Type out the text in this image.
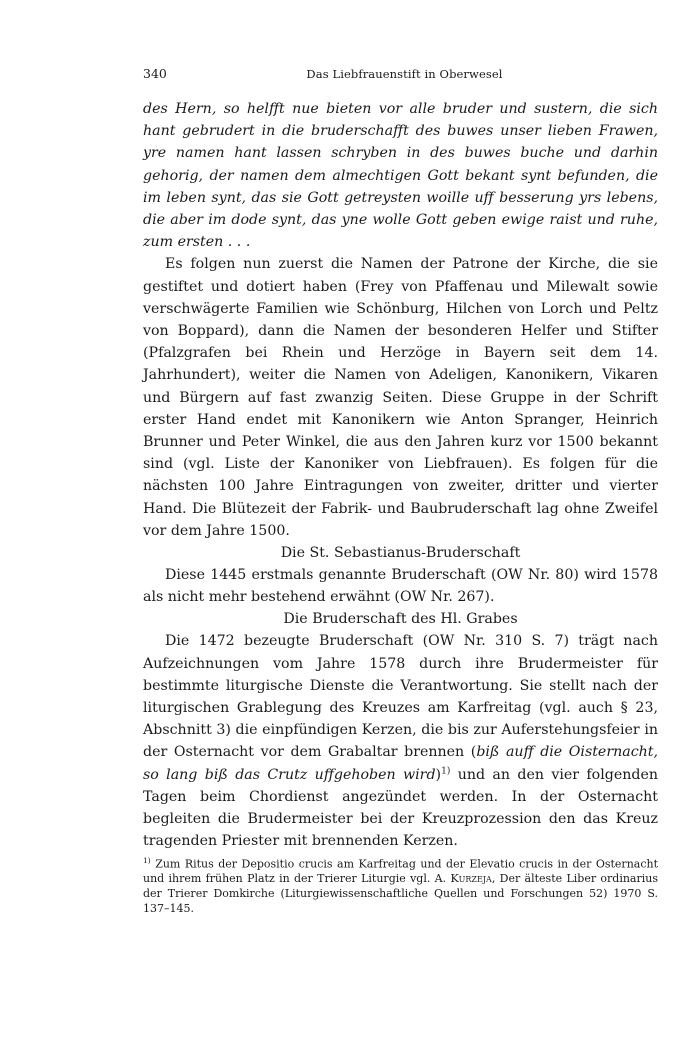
340	Das Liebfrauenstift in Oberwesel

des Hern, so helfft nue bieten vor alle bruder und sustern, die sich hant gebrudert in die bruderschafft des buwes unser lieben Frawen, yre namen hant lassen schryben in des buwes buche und darhin gehorig, der namen dem almechtigen Gott bekant synt befunden, die im leben synt, das sie Gott getreysten woille uff besserung yrs lebens, die aber im dode synt, das yne wolle Gott geben ewige raist und ruhe, zum ersten . . .

Es folgen nun zuerst die Namen der Patrone der Kirche, die sie gestiftet und dotiert haben (Frey von Pfaffenau und Milewalt sowie verschwägerte Familien wie Schönburg, Hilchen von Lorch und Peltz von Boppard), dann die Namen der besonderen Helfer und Stifter (Pfalzgrafen bei Rhein und Herzöge in Bayern seit dem 14. Jahrhundert), weiter die Namen von Adeligen, Kanonikern, Vikaren und Bürgern auf fast zwanzig Seiten. Diese Gruppe in der Schrift erster Hand endet mit Kanonikern wie Anton Spranger, Heinrich Brunner und Peter Winkel, die aus den Jahren kurz vor 1500 bekannt sind (vgl. Liste der Kanoniker von Liebfrauen). Es folgen für die nächsten 100 Jahre Eintragungen von zweiter, dritter und vierter Hand. Die Blütezeit der Fabrik- und Baubruderschaft lag ohne Zweifel vor dem Jahre 1500.

Die St. Sebastianus-Bruderschaft

Diese 1445 erstmals genannte Bruderschaft (OW Nr. 80) wird 1578 als nicht mehr bestehend erwähnt (OW Nr. 267).

Die Bruderschaft des Hl. Grabes

Die 1472 bezeugte Bruderschaft (OW Nr. 310 S. 7) trägt nach Aufzeichnungen vom Jahre 1578 durch ihre Brudermeister für bestimmte liturgische Dienste die Verantwortung. Sie stellt nach der liturgischen Grablegung des Kreuzes am Karfreitag (vgl. auch § 23, Abschnitt 3) die einpfündigen Kerzen, die bis zur Auferstehungsfeier in der Osternacht vor dem Grabaltar brennen (biß auff die Oisternacht, so lang biß das Crutz uffgehoben wird)$^{1)}$ und an den vier folgenden Tagen beim Chordienst angezündet werden. In der Osternacht begleiten die Brudermeister bei der Kreuzprozession den das Kreuz tragenden Priester mit brennenden Kerzen.

$^{1)}$ Zum Ritus der Depositio crucis am Karfreitag und der Elevatio crucis in der Osternacht und ihrem frühen Platz in der Trierer Liturgie vgl. A. Kurzeja, Der älteste Liber ordinarius der Trierer Domkirche (Liturgiewissenschaftliche Quellen und Forschungen 52) 1970 S. 137–145.
